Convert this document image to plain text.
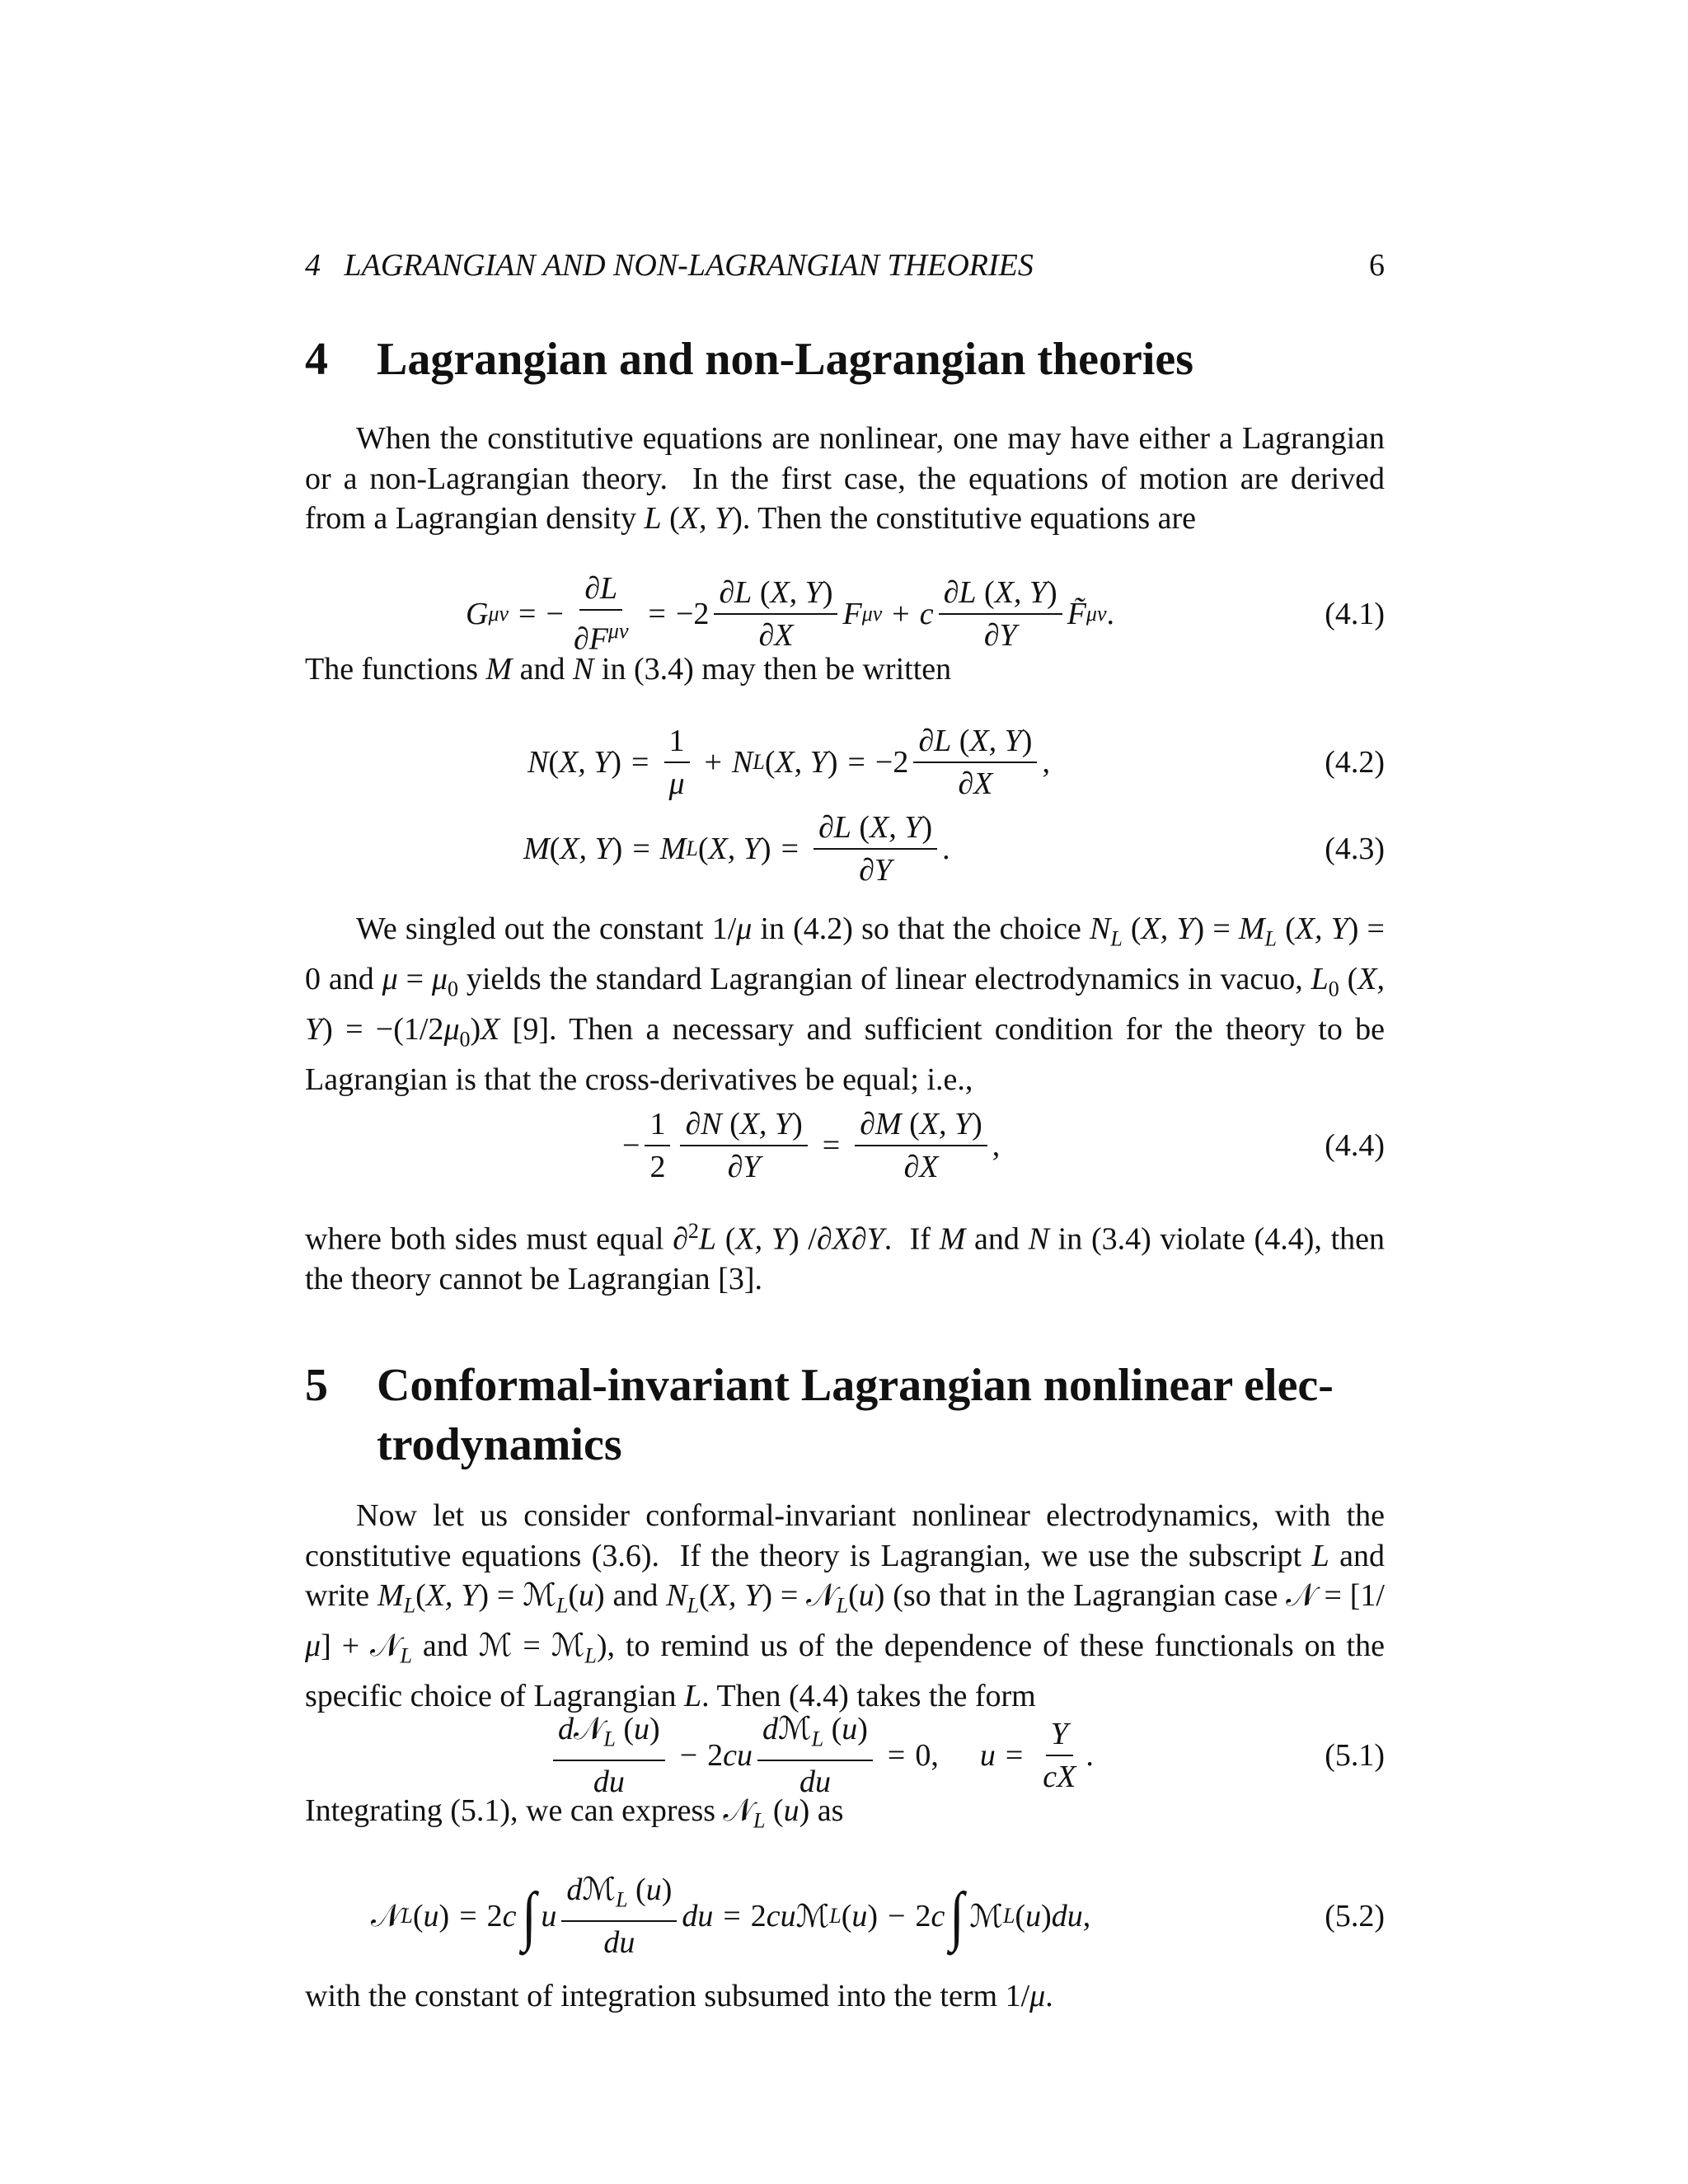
4   LAGRANGIAN AND NON-LAGRANGIAN THEORIES	6
4 Lagrangian and non-Lagrangian theories
When the constitutive equations are nonlinear, one may have either a Lagrangian or a non-Lagrangian theory.  In the first case, the equations of motion are derived from a Lagrangian density L (X, Y). Then the constitutive equations are
G μν = − $\frac{\partial L}{\partial F^{\mu\nu}} = -2 \frac{\partial L (X, Y)}{\partial X}$ F μν + c $\frac{\partial L (X, Y)}{\partial Y}$ F̃ μν .	(4.1)
The functions M and N in (3.4) may then be written
N ( X, Y ) = $\frac{1}{\mu} + N$ L ( X, Y ) = $-2 \frac{\partial L (X, Y)}{\partial X}$ ,	(4.2)
M ( X, Y ) = M L ( X, Y ) = $\frac{\partial L (X, Y)}{\partial Y}$ .	(4.3)
We singled out the constant 1/μ in (4.2) so that the choice $N_L$ (X, $Y) = M_L$ (X, Y) = 0 and $\mu = \mu_0$ yields the standard Lagrangian of linear electrodynamics in vacuo, $L_0$ (X, $Y) = -(1/2\mu_0)X$ [9]. Then a necessary and sufficient condition for the theory to be Lagrangian is that the cross-derivatives be equal; i.e.,
− $\frac{1}{2} \frac{\partial N (X, Y)}{\partial Y} = \frac{\partial M (X, Y)}{\partial X}$ ,	(4.4)
where both sides must equal ∂$^2$L (X, Y) /∂X∂Y.  If M and N in (3.4) violate (4.4), then the theory cannot be Lagrangian [3].
5 Conformal-invariant Lagrangian nonlinear elec-
trodynamics
Now let us consider conformal-invariant nonlinear electrodynamics, with the constitutive equations (3.6).  If the theory is Lagrangian, we use the subscript L and write $M_L(X$, Y) = ℳ$_L$(u) and $N_L(X$, Y) = 𝒩$_L$(u) (so that in the Lagrangian case 𝒩 = [1/μ] + 𝒩$_L$ and ℳ = ℳ$_L$), to remind us of the dependence of these functionals on the specific choice of Lagrangian L. Then (4.4) takes the form
$\frac{d𝒩_L (u)}{du} - 2$ cu $\frac{dℳ_L (u)}{du} = 0$, $u = \frac{Y}{cX}$ .	(5.1)
Integrating (5.1), we can express 𝒩$_L$ (u) as
𝒩 L ( u ) = 2 c ∫ u $\frac{dℳ_L (u)}{du}$ du = 2 cu ℳ L ( u ) − 2 c ∫ ℳ L ( u ) du ,	(5.2)
with the constant of integration subsumed into the term 1/μ.
